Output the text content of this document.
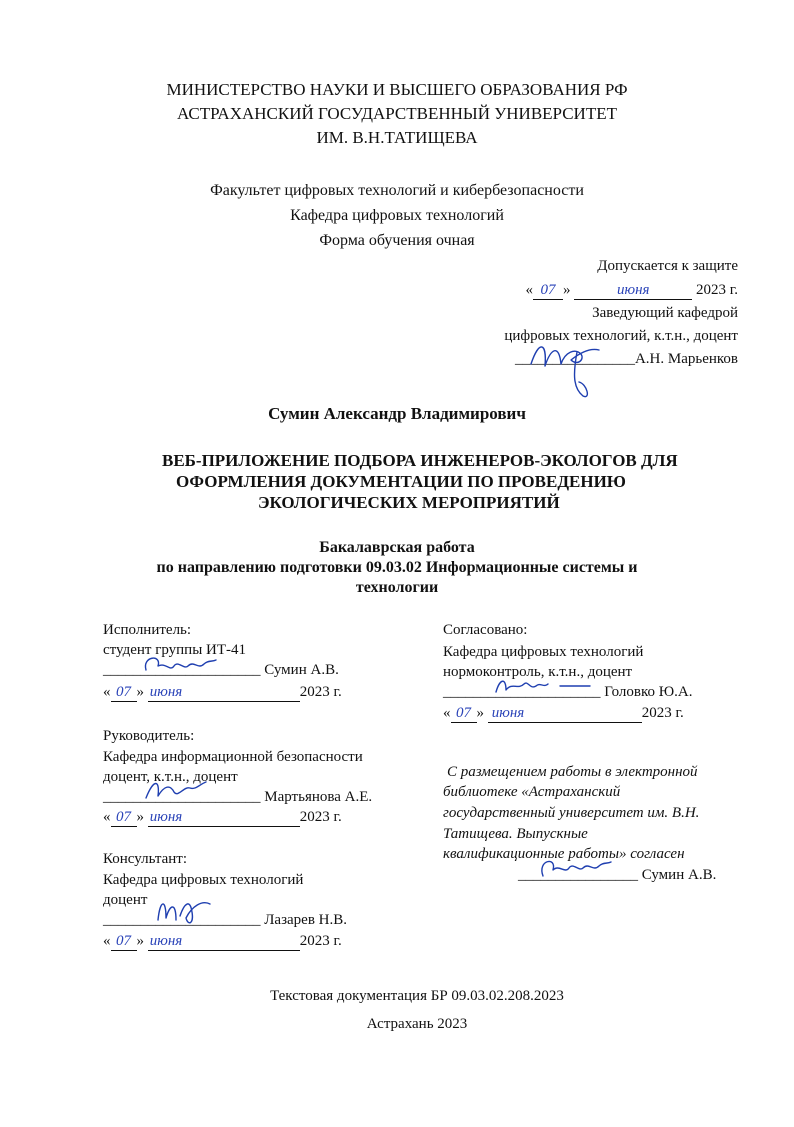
МИНИСТЕРСТВО НАУКИ И ВЫСШЕГО ОБРАЗОВАНИЯ РФ
АСТРАХАНСКИЙ ГОСУДАРСТВЕННЫЙ УНИВЕРСИТЕТ
ИМ. В.Н.ТАТИЩЕВА
Факультет цифровых технологий и кибербезопасности
Кафедра цифровых технологий
Форма обучения очная
Допускается к защите
« 07 »	июня	2023 г.
Заведующий кафедрой
цифровых технологий, к.т.н., доцент
________________А.Н. Марьенков
Сумин Александр Владимирович
ВЕБ-ПРИЛОЖЕНИЕ ПОДБОРА ИНЖЕНЕРОВ-ЭКОЛОГОВ ДЛЯ
ОФОРМЛЕНИЯ ДОКУМЕНТАЦИИ ПО ПРОВЕДЕНИЮ
ЭКОЛОГИЧЕСКИХ МЕРОПРИЯТИЙ
Бакалаврская работа
по направлению подготовки 09.03.02 Информационные системы и
технологии
Исполнитель:
студент группы ИТ-41
_____________________ Сумин А.В.
« 07 » июня	2023 г.
Руководитель:
Кафедра информационной безопасности
доцент, к.т.н., доцент
_____________________ Мартьянова А.Е.
« 07 » июня	2023 г.
Консультант:
Кафедра цифровых технологий
доцент
_____________________ Лазарев Н.В.
« 07 » июня	2023 г.
Согласовано:
Кафедра цифровых технологий
нормоконтроль, к.т.н., доцент
_____________________ Головко Ю.А.
« 07 » июня	2023 г.
С размещением работы в электронной
библиотеке «Астраханский
государственный университет им. В.Н.
Татищева. Выпускные
квалификационные работы» согласен
________________ Сумин А.В.
Текстовая документация БР 09.03.02.208.2023
Астрахань 2023
